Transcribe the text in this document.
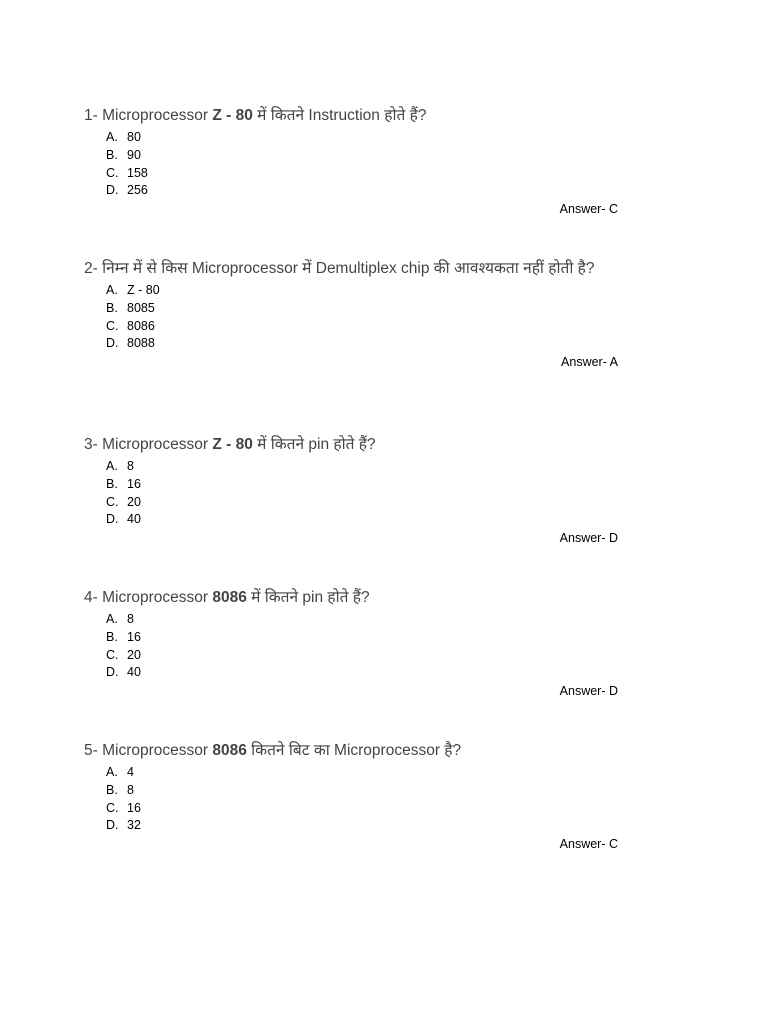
1- Microprocessor Z - 80 में कितने Instruction होते हैं?

A. 80
B. 90
C. 158
D. 256
Answer- C

2- निम्न में से किस Microprocessor में Demultiplex chip की आवश्यकता नहीं होती है?

A. Z - 80
B. 8085
C. 8086
D. 8088
Answer- A

3- Microprocessor Z - 80 में कितने pin होते हैं?

A. 8
B. 16
C. 20
D. 40
Answer- D

4- Microprocessor 8086 में कितने pin होते हैं?

A. 8
B. 16
C. 20
D. 40
Answer- D

5- Microprocessor 8086 कितने बिट का Microprocessor है?

A. 4
B. 8
C. 16
D. 32
Answer- C
